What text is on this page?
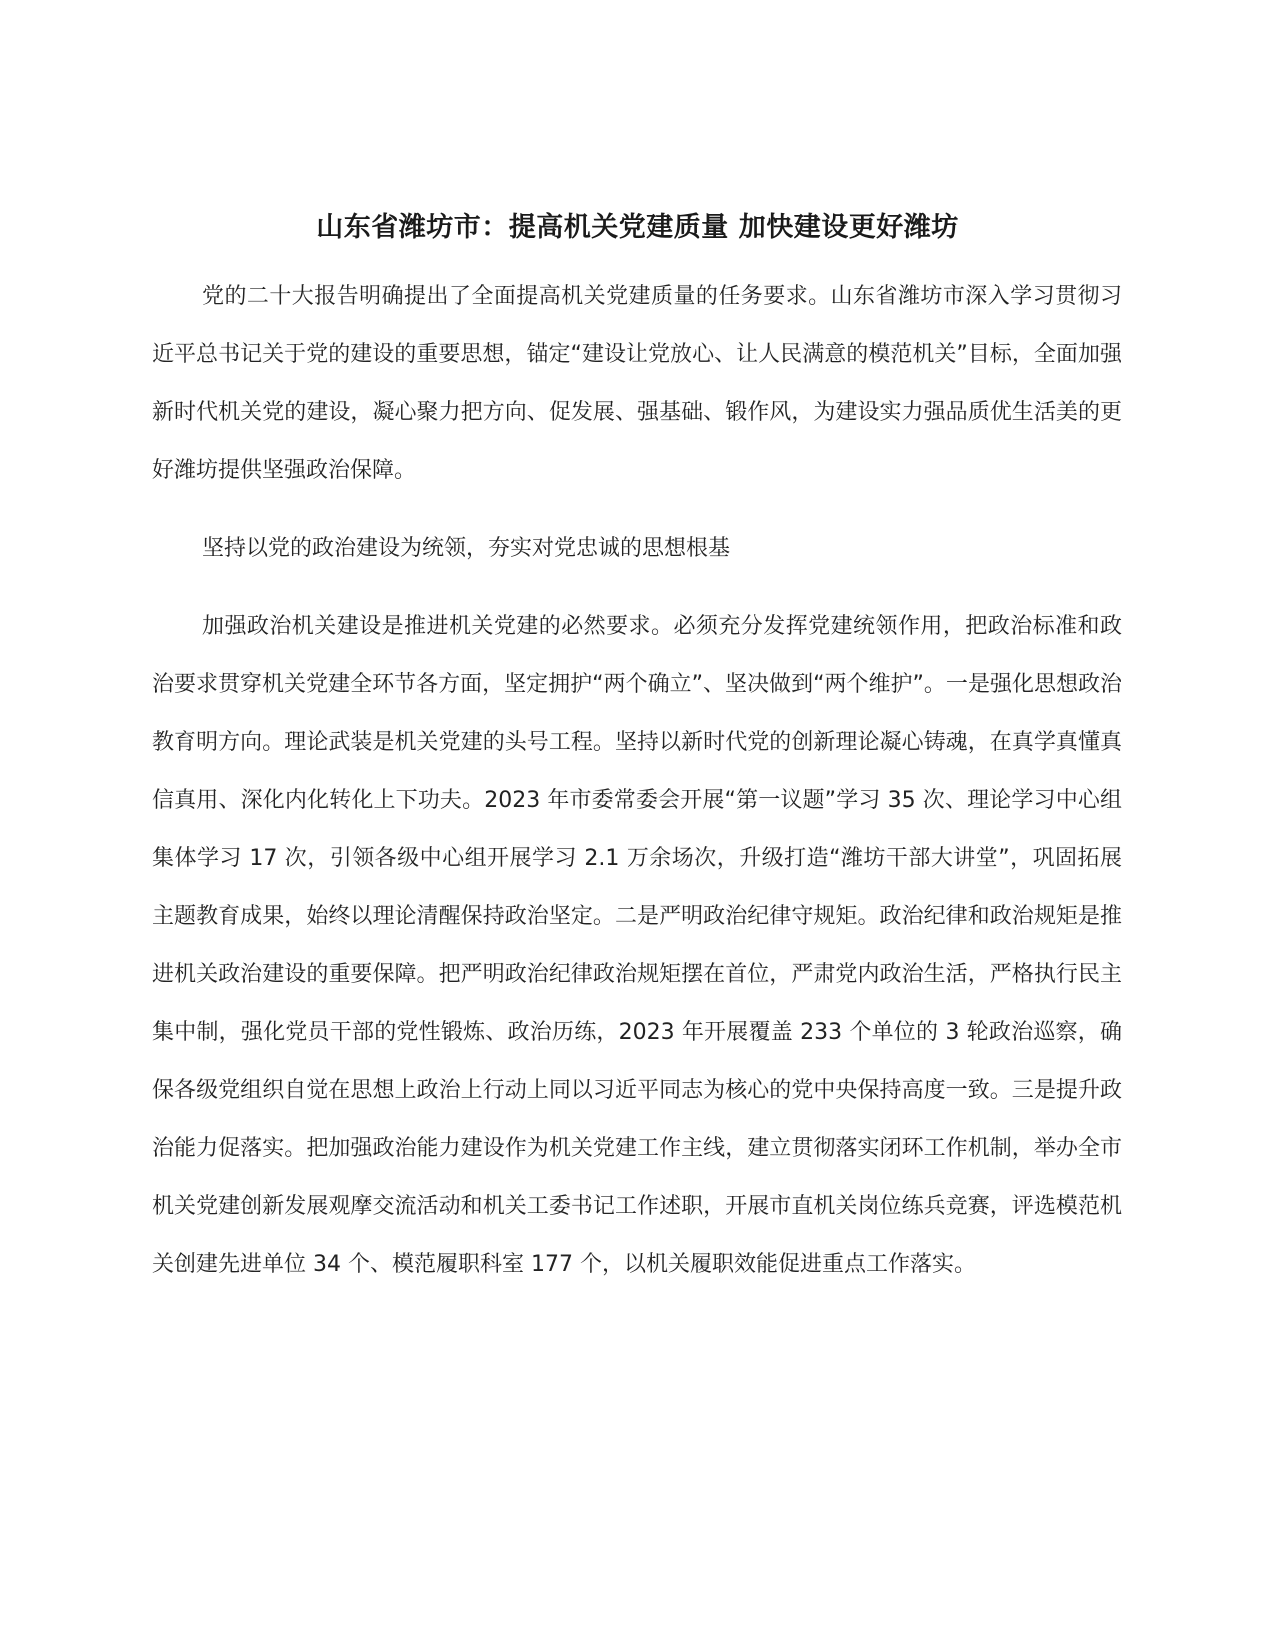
山东省潍坊市：提高机关党建质量 加快建设更好潍坊

党的二十大报告明确提出了全面提高机关党建质量的任务要求。山东省潍坊市深入学习贯彻习近平总书记关于党的建设的重要思想，锚定“建设让党放心、让人民满意的模范机关”目标，全面加强新时代机关党的建设，凝心聚力把方向、促发展、强基础、锻作风，为建设实力强品质优生活美的更好潍坊提供坚强政治保障。

坚持以党的政治建设为统领，夯实对党忠诚的思想根基

加强政治机关建设是推进机关党建的必然要求。必须充分发挥党建统领作用，把政治标准和政治要求贯穿机关党建全环节各方面，坚定拥护“两个确立”、坚决做到“两个维护”。一是强化思想政治教育明方向。理论武装是机关党建的头号工程。坚持以新时代党的创新理论凝心铸魂，在真学真懂真信真用、深化内化转化上下功夫。2023 年市委常委会开展“第一议题”学习 35 次、理论学习中心组集体学习 17 次，引领各级中心组开展学习 2.1 万余场次，升级打造“潍坊干部大讲堂”，巩固拓展主题教育成果，始终以理论清醒保持政治坚定。二是严明政治纪律守规矩。政治纪律和政治规矩是推进机关政治建设的重要保障。把严明政治纪律政治规矩摆在首位，严肃党内政治生活，严格执行民主集中制，强化党员干部的党性锻炼、政治历练，2023 年开展覆盖 233 个单位的 3 轮政治巡察，确保各级党组织自觉在思想上政治上行动上同以习近平同志为核心的党中央保持高度一致。三是提升政治能力促落实。把加强政治能力建设作为机关党建工作主线，建立贯彻落实闭环工作机制，举办全市机关党建创新发展观摩交流活动和机关工委书记工作述职，开展市直机关岗位练兵竞赛，评选模范机关创建先进单位 34 个、模范履职科室 177 个，以机关履职效能促进重点工作落实。
